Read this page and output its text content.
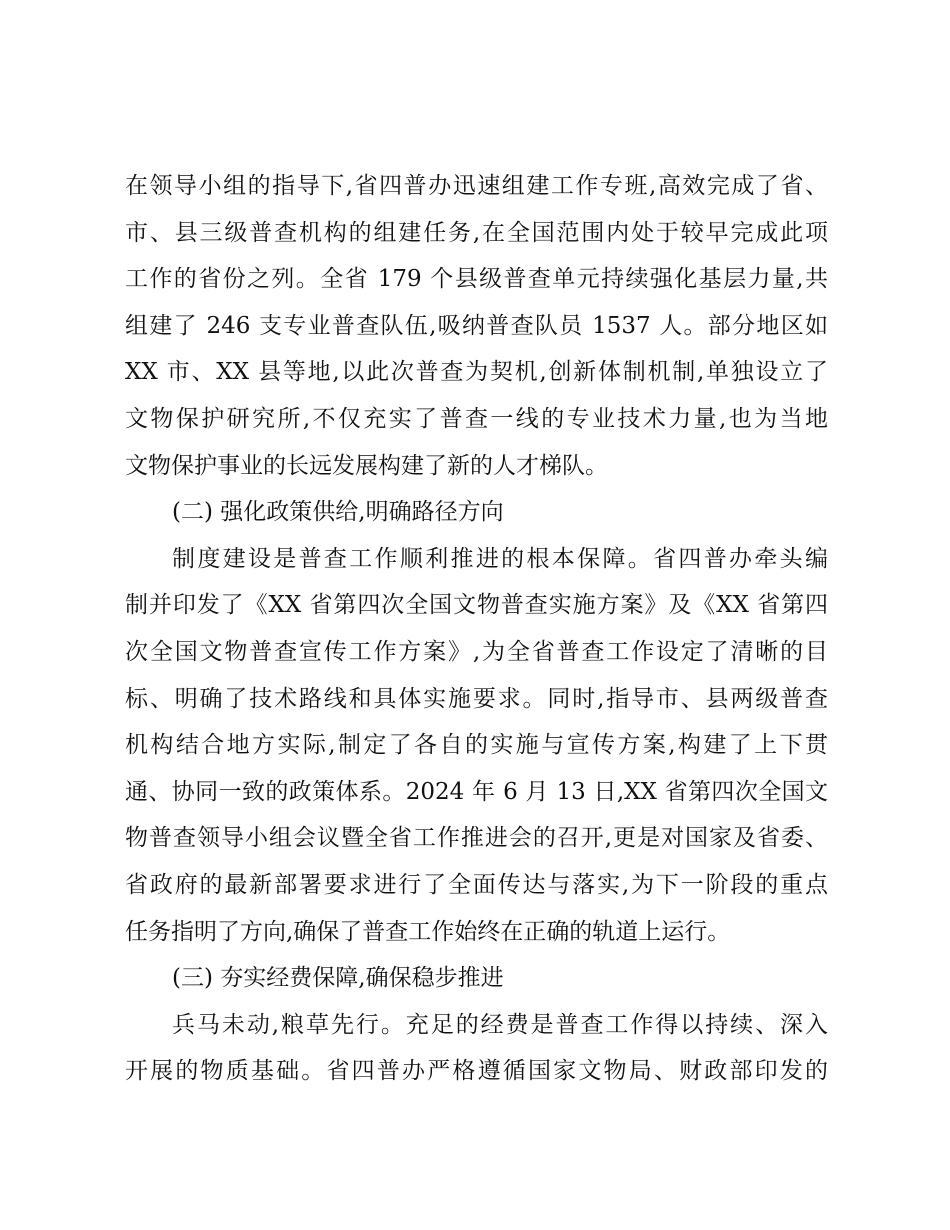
在领导小组的指导下,省四普办迅速组建工作专班,高效完成了省、
市、县三级普查机构的组建任务,在全国范围内处于较早完成此项
工作的省份之列。全省 179 个县级普查单元持续强化基层力量,共
组建了 246 支专业普查队伍,吸纳普查队员 1537 人。部分地区如
XX 市、XX 县等地,以此次普查为契机,创新体制机制,单独设立了
文物保护研究所,不仅充实了普查一线的专业技术力量,也为当地
文物保护事业的长远发展构建了新的人才梯队。
(二) 强化政策供给,明确路径方向
制度建设是普查工作顺利推进的根本保障。省四普办牵头编
制并印发了《XX 省第四次全国文物普查实施方案》及《XX 省第四
次全国文物普查宣传工作方案》,为全省普查工作设定了清晰的目
标、明确了技术路线和具体实施要求。同时,指导市、县两级普查
机构结合地方实际,制定了各自的实施与宣传方案,构建了上下贯
通、协同一致的政策体系。2024 年 6 月 13 日,XX 省第四次全国文
物普查领导小组会议暨全省工作推进会的召开,更是对国家及省委、
省政府的最新部署要求进行了全面传达与落实,为下一阶段的重点
任务指明了方向,确保了普查工作始终在正确的轨道上运行。
(三) 夯实经费保障,确保稳步推进
兵马未动,粮草先行。充足的经费是普查工作得以持续、深入
开展的物质基础。省四普办严格遵循国家文物局、财政部印发的
